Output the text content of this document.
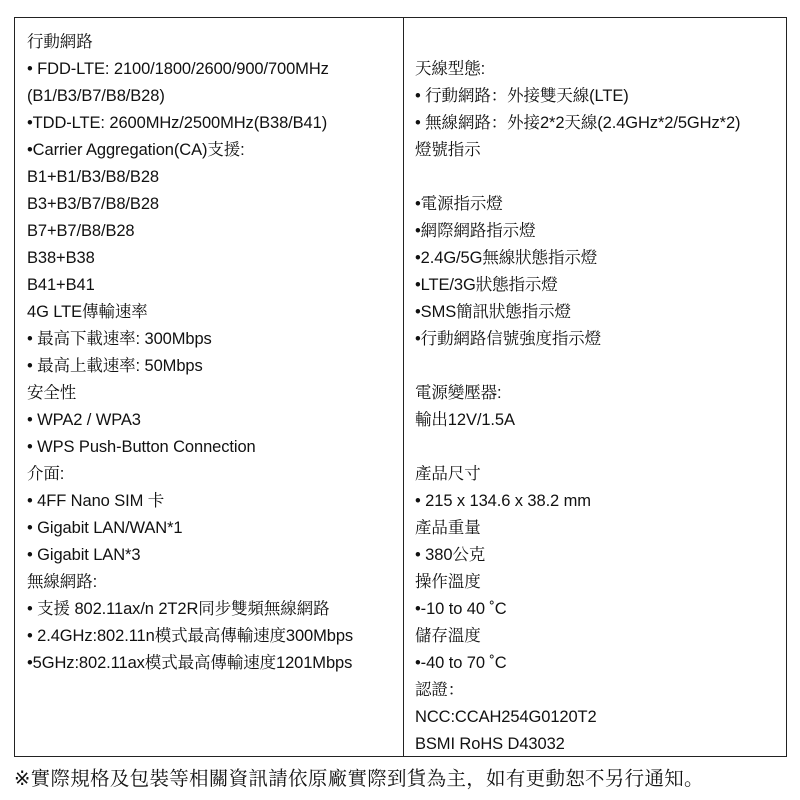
行動網路
• FDD-LTE: 2100/1800/2600/900/700MHz
(B1/B3/B7/B8/B28)
•TDD-LTE: 2600MHz/2500MHz(B38/B41)
•Carrier Aggregation(CA)支援:
B1+B1/B3/B8/B28
B3+B3/B7/B8/B28
B7+B7/B8/B28
B38+B38
B41+B41
4G LTE傳輸速率
• 最高下載速率: 300Mbps
• 最高上載速率: 50Mbps
安全性
• WPA2 / WPA3
• WPS Push-Button Connection
介面:
• 4FF Nano SIM 卡
• Gigabit LAN/WAN*1
• Gigabit LAN*3
無線網路:
• 支援 802.11ax/n 2T2R同步雙頻無線網路
• 2.4GHz:802.11n模式最高傳輸速度300Mbps
•5GHz:802.11ax模式最高傳輸速度1201Mbps
天線型態:
• 行動網路：外接雙天線(LTE)
• 無線網路：外接2*2天線(2.4GHz*2/5GHz*2)
燈號指示
•電源指示燈
•網際網路指示燈
•2.4G/5G無線狀態指示燈
•LTE/3G狀態指示燈
•SMS簡訊狀態指示燈
•行動網路信號強度指示燈
電源變壓器:
輸出12V/1.5A
產品尺寸
• 215 x 134.6 x 38.2 mm
產品重量
• 380公克
操作溫度
•-10 to 40 ˚C
儲存溫度
•-40 to 70 ˚C
認證：
NCC:CCAH254G0120T2
BSMI RoHS D43032
※實際規格及包裝等相關資訊請依原廠實際到貨為主，如有更動恕不另行通知。
